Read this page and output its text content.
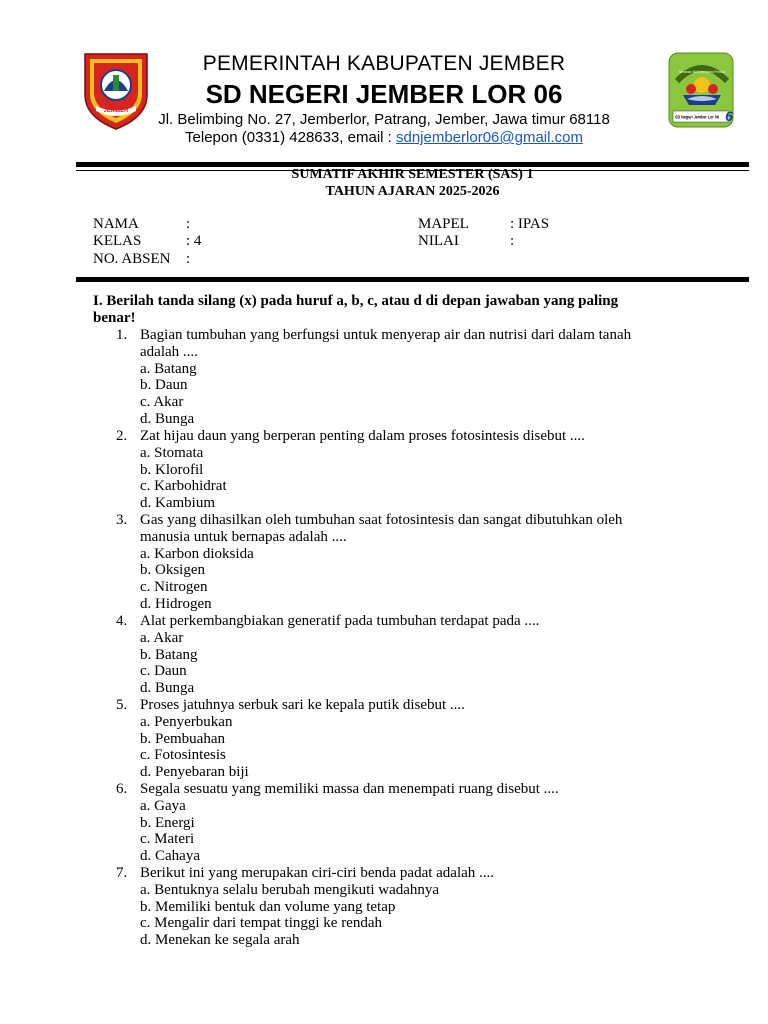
JEMBER
Menanam Budi Mendulang Prestasi
SD Negeri Jember Lor 06 6
PEMERINTAH KABUPATEN JEMBER
SD NEGERI JEMBER LOR 06
Jl. Belimbing No. 27, Jemberlor, Patrang, Jember, Jawa timur 68118
Telepon (0331) 428633, email : sdnjemberlor06@gmail.com
SUMATIF AKHIR SEMESTER (SAS) 1
TAHUN AJARAN 2025-2026
NAMA	:
KELAS	: 4
NO. ABSEN :
MAPEL	: IPAS
NILAI	:
I. Berilah tanda silang (x) pada huruf a, b, c, atau d di depan jawaban yang paling benar!
1. Bagian tumbuhan yang berfungsi untuk menyerap air dan nutrisi dari dalam tanah adalah ....
a. Batang
b. Daun
c. Akar
d. Bunga
2. Zat hijau daun yang berperan penting dalam proses fotosintesis disebut ....
a. Stomata
b. Klorofil
c. Karbohidrat
d. Kambium
3. Gas yang dihasilkan oleh tumbuhan saat fotosintesis dan sangat dibutuhkan oleh manusia untuk bernapas adalah ....
a. Karbon dioksida
b. Oksigen
c. Nitrogen
d. Hidrogen
4. Alat perkembangbiakan generatif pada tumbuhan terdapat pada ....
a. Akar
b. Batang
c. Daun
d. Bunga
5. Proses jatuhnya serbuk sari ke kepala putik disebut ....
a. Penyerbukan
b. Pembuahan
c. Fotosintesis
d. Penyebaran biji
6. Segala sesuatu yang memiliki massa dan menempati ruang disebut ....
a. Gaya
b. Energi
c. Materi
d. Cahaya
7. Berikut ini yang merupakan ciri-ciri benda padat adalah ....
a. Bentuknya selalu berubah mengikuti wadahnya
b. Memiliki bentuk dan volume yang tetap
c. Mengalir dari tempat tinggi ke rendah
d. Menekan ke segala arah
